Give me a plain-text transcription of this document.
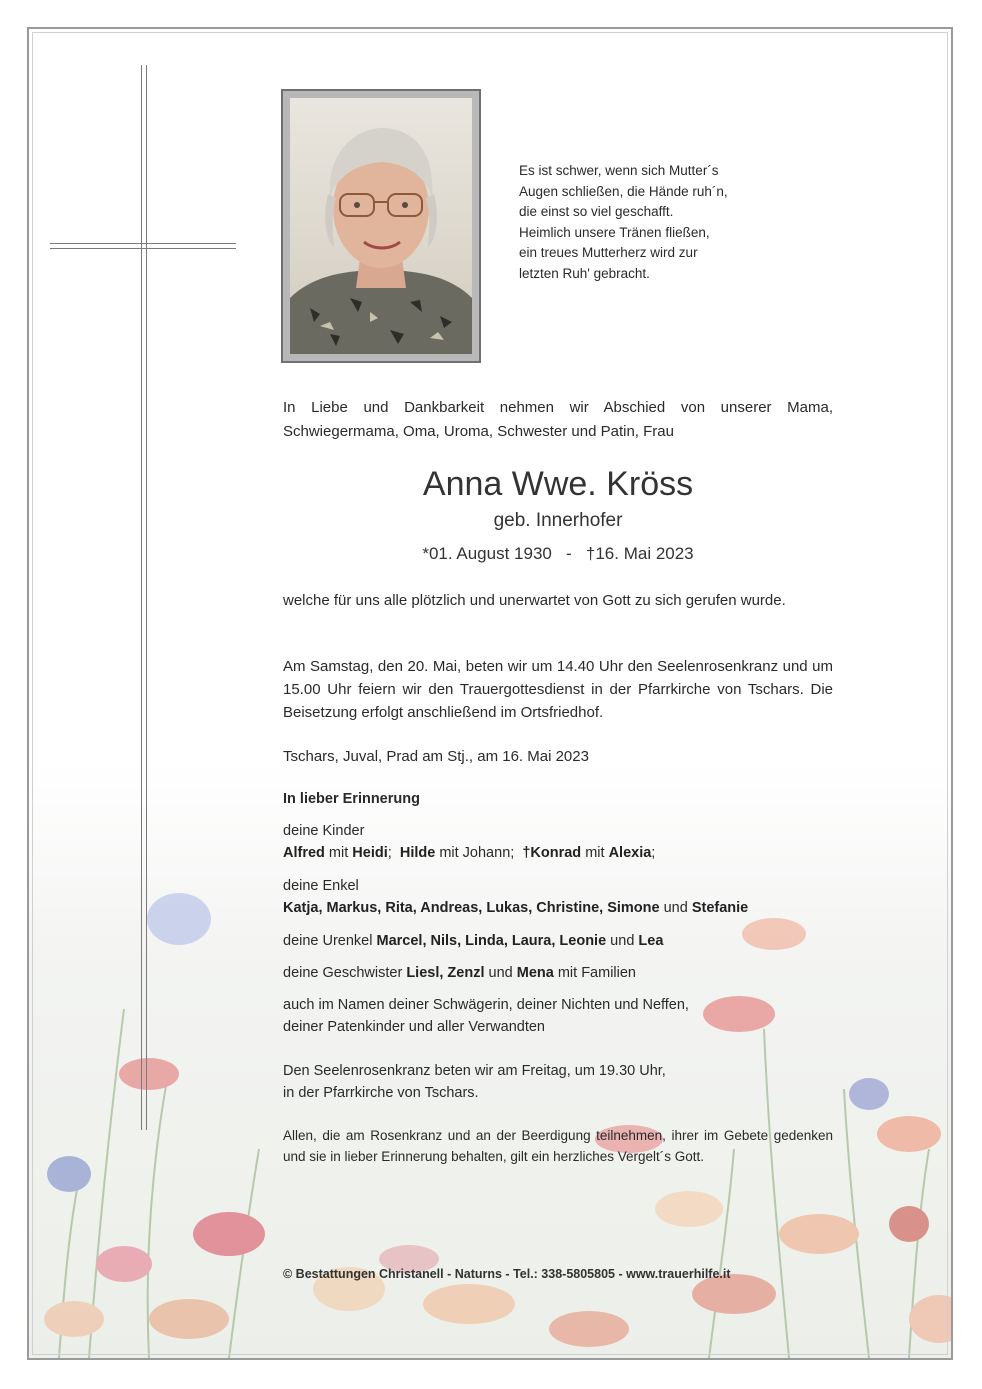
Es ist schwer, wenn sich Mutter´s
Augen schließen, die Hände ruh´n,
die einst so viel geschafft.
Heimlich unsere Tränen fließen,
ein treues Mutterherz wird zur
letzten Ruh' gebracht.
In Liebe und Dankbarkeit nehmen wir Abschied von unserer Mama, Schwiegermama, Oma, Uroma, Schwester und Patin, Frau
Anna Wwe. Kröss
geb. Innerhofer
*01. August 1930 - †16. Mai 2023
welche für uns alle plötzlich und unerwartet von Gott zu sich gerufen wurde.
Am Samstag, den 20. Mai, beten wir um 14.40 Uhr den Seelenrosenkranz und um 15.00 Uhr feiern wir den Trauergottesdienst in der Pfarrkirche von Tschars. Die Beisetzung erfolgt anschließend im Ortsfriedhof.
Tschars, Juval, Prad am Stj., am 16. Mai 2023
In lieber Erinnerung
deine Kinder
Alfred mit Heidi;  Hilde mit Johann;  †Konrad mit Alexia;
deine Enkel
Katja, Markus, Rita, Andreas, Lukas, Christine, Simone und Stefanie
deine Urenkel Marcel, Nils, Linda, Laura, Leonie und Lea
deine Geschwister Liesl, Zenzl und Mena mit Familien
auch im Namen deiner Schwägerin, deiner Nichten und Neffen,
deiner Patenkinder und aller Verwandten
Den Seelenrosenkranz beten wir am Freitag, um 19.30 Uhr,
in der Pfarrkirche von Tschars.
Allen, die am Rosenkranz und an der Beerdigung teilnehmen, ihrer im Gebete gedenken und sie in lieber Erinnerung behalten, gilt ein herzliches Vergelt´s Gott.
© Bestattungen Christanell - Naturns - Tel.: 338-5805805 - www.trauerhilfe.it
